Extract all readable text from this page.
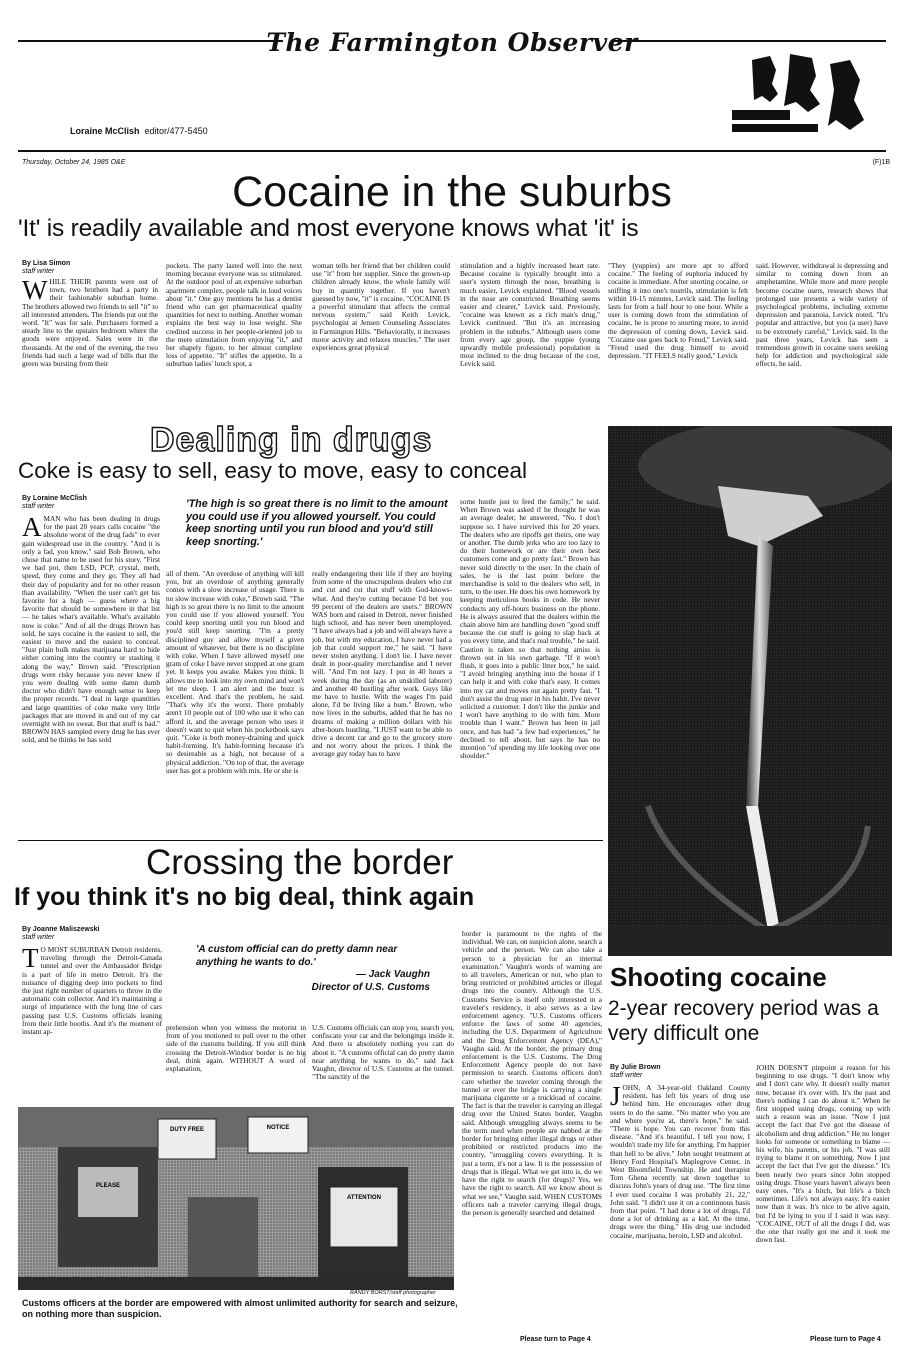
The Farmington Observer
Loraine McClish editor/477-5450
Thursday, October 24, 1985 O&E	(F)1B
Cocaine in the suburbs
'It' is readily available and most everyone knows what 'it' is
By Lisa Simon
staff writer
WHILE THEIR parents were out of town, two brothers had a party in their fashionable suburban home. The brothers allowed two friends to sell "it" to all interested attenders. The friends put out the word. "It" was for sale. Purchasers formed a steady line to the upstairs bedroom where the goods were enjoyed. Sales were in the thousands. At the end of the evening, the two friends had such a large wad of bills that the green was bursting from their
pockets. The party lasted well into the next morning because everyone was so stimulated. At the outdoor pool of an expensive suburban apartment complex, people talk in loud voices about "it." One guy mentions he has a dentist friend who can get pharmaceutical quality quantities for next to nothing. Another woman explains the best way to lose weight. She credited success in her people-oriented job to the mere stimulation from enjoying "it," and her shapely figure, to her almost complete loss of appetite. "It" stifles the appetite. In a suburban ladies' lunch spot, a
woman tells her friend that her children could use "it" from her supplier. Since the grown-up children already know, the whole family will buy in quantity together. If you haven't guessed by now, "it" is cocaine. "COCAINE IS a powerful stimulant that affects the central nervous system," said Keith Levick, psychologist at Jensen Counseling Associates in Farmington Hills. "Behaviorally, it increases motor activity and relaxes muscles." The user experiences great physical
stimulation and a highly increased heart rate. Because cocaine is typically brought into a user's system through the nose, breathing is much easier, Levick explained. "Blood vessels in the nose are constricted. Breathing seems easier and clearer," Levick said. Previously, "cocaine was known as a rich man's drug," Levick continued. "But it's an increasing problem in the suburbs." Although users come from every age group, the yuppie (young upwardly mobile professional) population is most inclined to the drug because of the cost, Levick said.
"They (yuppies) are more apt to afford cocaine." The feeling of euphoria induced by cocaine is immediate. After snorting cocaine, or sniffing it into one's nostrils, stimulation is felt within 10-15 minutes, Levick said. The feeling lasts for from a half hour to one hour. While a user is coming down from the stimulation of cocaine, he is prone to snorting more, to avoid the depression of coming down, Levick said. "Cocaine use goes back to Freud," Levick said. "Freud used the drug himself to avoid depression. "IT FEELS really good," Levick
said. However, withdrawal is depressing and similar to coming down from an amphetamine. While more and more people become cocaine users, research shows that prolonged use presents a wide variety of psychological problems, including extreme depression and paranoia, Levick noted. "It's popular and attractive, but you (a user) have to be extremely careful," Levick said. In the past three years, Levick has seen a tremendous growth in cocaine users seeking help for addiction and psychological side effects, he said.
Dealing in drugs
Coke is easy to sell, easy to move, easy to conceal
By Loraine McClish
staff writer
AMAN who has been dealing in drugs for the past 20 years calls cocaine "the absolute worst of the drug fads" to ever gain widespread use in the country. "And it is only a fad, you know," said Bob Brown, who chose that name to be used for his story. "First we had pot, then LSD, PCP, crystal, meth, speed, they come and they go. They all had their day of popularity and for no other reason than availability. "When the user can't get his favorite for a high — guess where a big favorite that should be somewhere in that list — he takes what's available. What's available now is coke." And of all the drugs Brown has sold, he says cocaine is the easiest to sell, the easiest to move and the easiest to conceal. "Just plain bulk makes marijuana hard to hide either coming into the country or stashing it along the way," Brown said. "Prescription drugs were risky because you never knew if you were dealing with some damn dumb doctor who didn't have enough sense to keep the proper records. "I deal in large quantities and large quantities of coke make very little packages that are moved in and out of my car overnight with no sweat. But that stuff is bad." BROWN HAS sampled every drug he has ever sold, and he thinks he has sold
'The high is so great there is no limit to the amount you could use if you allowed yourself. You could keep snorting until you run blood and you'd still keep snorting.'
all of them. "An overdose of anything will kill you, but an overdose of anything generally comes with a slow increase of usage. There is no slow increase with coke," Brown said. "The high is so great there is no limit to the amount you could use if you allowed yourself. You could keep snorting until you run blood and you'd still keep snorting. "I'm a pretty disciplined guy and allow myself a given amount of whatever, but there is no discipline with coke. When I have allowed myself one gram of coke I have never stopped at one gram yet. It keeps you awake. Makes you think. It allows me to look into my own mind and won't let me sleep. I am alert and the buzz is excellent. And that's the problem, he said. "That's why it's the worst. There probably aren't 10 people out of 100 who use it who can afford it, and the average person who uses it doesn't want to quit when his pocketbook says quit. "Coke is both money-draining and quick habit-forming. It's habit-forming because it's so desireable as a high, not because of a physical addiction. "On top of that, the average user has got a problem with mix. He or she is
really endangering their life if they are buying from some of the unscrupulous dealers who cut and cut and cut that stuff with God-knows-what. And they're cutting because I'd bet you 99 percent of the dealers are users." BROWN WAS born and raised in Detroit, never finished high school, and has never been unemployed. "I have always had a job and will always have a job, but with my education, I have never had a job that could support me," he said. "I have never stolen anything. I don't lie. I have never dealt in poor-quality merchandise and I never will. "And I'm not lazy. I put in 40 hours a week during the day (as an unskilled laborer) and another 40 hustling after work. Guys like me have to hustle. With the wages I'm paid alone, I'd be living like a bum." Brown, who now lives in the suburbs, added that he has no dreams of making a million dollars with his after-hours hustling. "I JUST want to be able to drive a decent car and go to the grocery store and not worry about the prices. I think the average guy today has to have
some hustle just to feed the family," he said. When Brown was asked if he thought he was an average dealer, he answered, "No. I don't suppose so. I have survived this for 20 years. The dealers who are ripoffs get theirs, one way or another. The dumb jerks who are too lazy to do their homework or are their own best customers come and go pretty fast." Brown has never sold directly to the user. In the chain of sales, he is the last point before the merchandise is sold to the dealers who sell, in turn, to the user. He does his own homework by keeping meticulous books in code. He never conducts any off-hours business on the phone. He is always assured that the dealers within the chain above him are handling down "good stuff because the cut stuff is going to slap back at you every time, and that's real trouble," he said. Caution is taken so that nothing amiss is thrown out in his own garbage. "If it won't flush, it goes into a public litter box," he said. "I avoid bringing anything into the house if I can help it and with coke that's easy. It comes into my car and moves out again pretty fast. "I don't assist the drug user in his habit. I've never solicited a customer. I don't like the junkie and I won't have anything to do with him. More trouble than I want." Brown has been in jail once, and has had "a few bad experiences," he declined to tell about, but says he has no intention "of spending my life looking over one shoulder."
Crossing the border
If you think it's no big deal, think again
By Joanne Maliszewski
staff writer
T O MOST SUBURBAN Detroit residents, traveling through the Detroit-Canada tunnel and over the Ambassador Bridge is a part of life in metro Detroit. It's the nuisance of digging deep into pockets to find the just right number of quarters to throw in the automatic coin collector. And it's maintaining a surge of impatience with the long line of cars passing past U.S. Customs officials leaning from their little booths. And it's the moment of instant ap-
'A custom official can do pretty damn near anything he wants to do.'
— Jack Vaughn
Director of U.S. Customs
prehension when you witness the motorist in front of you motioned to pull over to the other side of the customs building. If you still think crossing the Detroit-Windsor border is no big deal, think again. WITHOUT A word of explanation,
U.S. Customs officials can stop you, search you, confiscate your car and the belongings inside it. And there is absolutely nothing you can do about it. "A customs official can do pretty damn near anything he wants to do," said Jack Vaughn, director of U.S. Customs at the tunnel. "The sanctity of the
border is paramount to the rights of the individual. We can, on suspicion alone, search a vehicle and the person. We can also take a person to a physician for an internal examination." Vaughn's words of warning are to all travelers, American or not, who plan to bring restricted or prohibited articles or illegal drugs into the country. Although the U.S. Customs Service is itself only interested in a traveler's residency, it also serves as a law enforcement agency. "U.S. Customs officers enforce the laws of some 40 agencies, including the U.S. Department of Agriculture and the Drug Enforcement Agency (DEA)," Vaughn said. At the border, the primary drug enforcement is the U.S. Customs. The Drug Enforcement Agency people do not have permission to search. Customs officers don't care whether the traveler coming through the tunnel or over the bridge is carrying a single marijuana cigarette or a truckload of cocaine. The fact is that the traveler is carrying an illegal drug over the United States border, Vaughn said. Although smuggling always seems to be the term used when people are nabbed at the border for bringing either illegal drugs or other prohibited or restricted products into the country, "smuggling covers everything. It is just a term, it's not a law. It is the possession of drugs that is illegal. What we get into is, do we have the right to search (for drugs)? Yes, we have the right to search. All we know about is what we see," Vaughn said. WHEN CUSTOMS officers nab a traveler carrying illegal drugs, the person is generally searched and detained
Please turn to Page 4
DUTY FREE	NOTICE
ATTENTION
PLEASE
RANDY BORST/staff photographer
Customs officers at the border are empowered with almost unlimited authority for search and seizure, on nothing more than suspicion.
Shooting cocaine
2-year recovery period was a very difficult one
By Julie Brown
staff writer
JOHN, A 34-year-old Oakland County resident, has left his years of drug use behind him. He encourages other drug users to do the same. "No matter who you are and where you're at, there's hope," he said. "There is hope. You can recover from this disease. "And it's beautiful. I tell you now, I wouldn't trade my life for anything. I'm happier than hell to be alive." John sought treatment at Henry Ford Hospital's Maplegrove Center, in West Bloomfield Township. He and therapist Tom Ghena recently sat down together to discuss John's years of drug use. "The first time I ever used cocaine I was probably 21, 22," John said. "I didn't use it on a continuous basis from that point. "I had done a lot of drugs, I'd done a lot of drinking as a kid. At the time, drugs were the thing." His drug use included cocaine, marijuana, heroin, LSD and alcohol.
JOHN DOESN'T pinpoint a reason for his beginning to use drugs. "I don't know why and I don't care why. It doesn't really matter now, because it's over with. It's the past and there's nothing I can do about it." When he first stopped using drugs, coming up with such a reason was an issue. "Now I just accept the fact that I've got the disease of alcoholism and drug addiction." He no longer looks for someone or something to blame — his wife, his parents, or his job. "I was still trying to blame it on something. Now I just accept the fact that I've got the disease." It's been nearly two years since John stopped using drugs. Those years haven't always been easy ones. "It's a bitch, but life's a bitch sometimes. Life's not always easy. It's easier now than it was. It's nice to be alive again, but I'd be lying to you if I said it was easy. "COCAINE, OUT of all the drugs I did, was the one that really got me and it took me down fast.
Please turn to Page 4
